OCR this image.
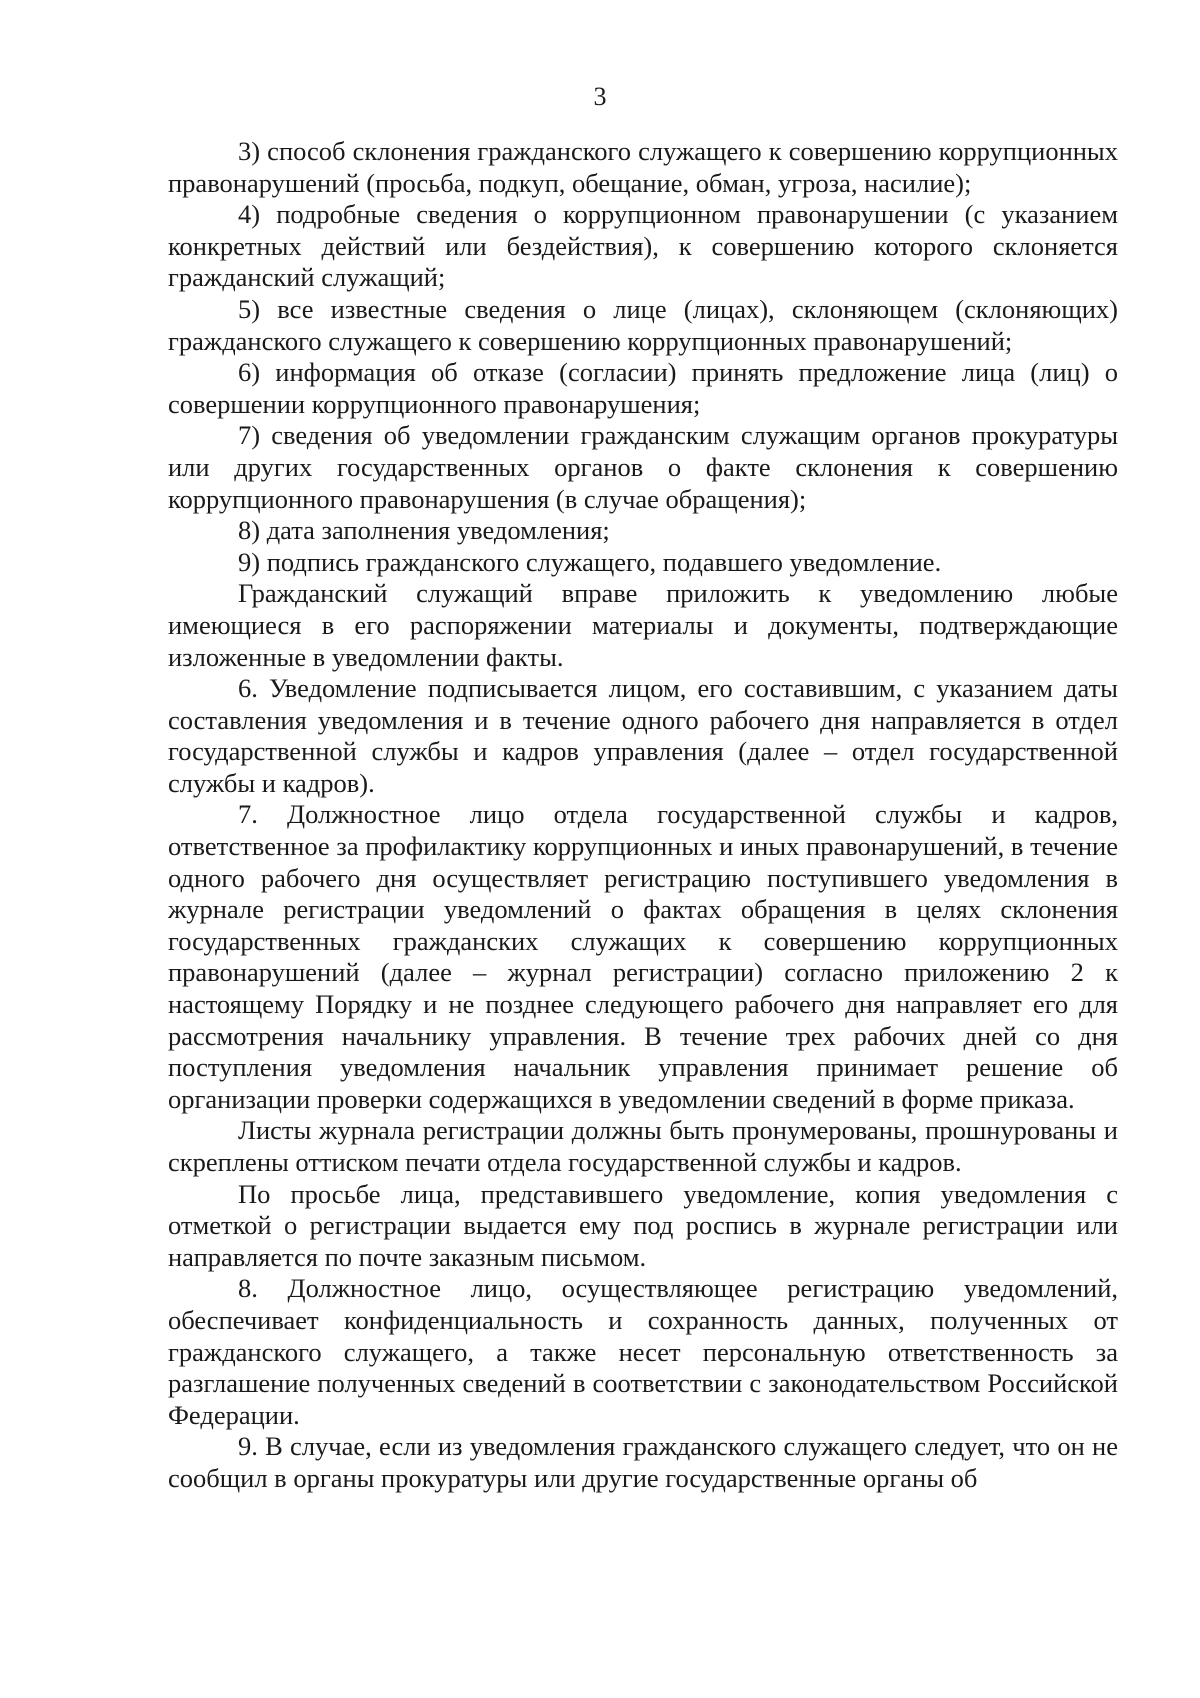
3

3) способ склонения гражданского служащего к совершению коррупционных правонарушений (просьба, подкуп, обещание, обман, угроза, насилие);

4) подробные сведения о коррупционном правонарушении (с указанием конкретных действий или бездействия), к совершению которого склоняется гражданский служащий;

5) все известные сведения о лице (лицах), склоняющем (склоняющих) гражданского служащего к совершению коррупционных правонарушений;

6) информация об отказе (согласии) принять предложение лица (лиц) о совершении коррупционного правонарушения;

7) сведения об уведомлении гражданским служащим органов прокуратуры или других государственных органов о факте склонения к совершению коррупционного правонарушения (в случае обращения);

8) дата заполнения уведомления;

9) подпись гражданского служащего, подавшего уведомление.

Гражданский служащий вправе приложить к уведомлению любые имеющиеся в его распоряжении материалы и документы, подтверждающие изложенные в уведомлении факты.

6. Уведомление подписывается лицом, его составившим, с указанием даты составления уведомления и в течение одного рабочего дня направляется в отдел государственной службы и кадров управления (далее – отдел государственной службы и кадров).

7. Должностное лицо отдела государственной службы и кадров, ответственное за профилактику коррупционных и иных правонарушений, в течение одного рабочего дня осуществляет регистрацию поступившего уведомления в журнале регистрации уведомлений о фактах обращения в целях склонения государственных гражданских служащих к совершению коррупционных правонарушений (далее – журнал регистрации) согласно приложению 2 к настоящему Порядку и не позднее следующего рабочего дня направляет его для рассмотрения начальнику управления. В течение трех рабочих дней со дня поступления уведомления начальник управления принимает решение об организации проверки содержащихся в уведомлении сведений в форме приказа.

Листы журнала регистрации должны быть пронумерованы, прошнурованы и скреплены оттиском печати отдела государственной службы и кадров.

По просьбе лица, представившего уведомление, копия уведомления с отметкой о регистрации выдается ему под роспись в журнале регистрации или направляется по почте заказным письмом.

8. Должностное лицо, осуществляющее регистрацию уведомлений, обеспечивает конфиденциальность и сохранность данных, полученных от гражданского служащего, а также несет персональную ответственность за разглашение полученных сведений в соответствии с законодательством Российской Федерации.

9. В случае, если из уведомления гражданского служащего следует, что он не сообщил в органы прокуратуры или другие государственные органы об
